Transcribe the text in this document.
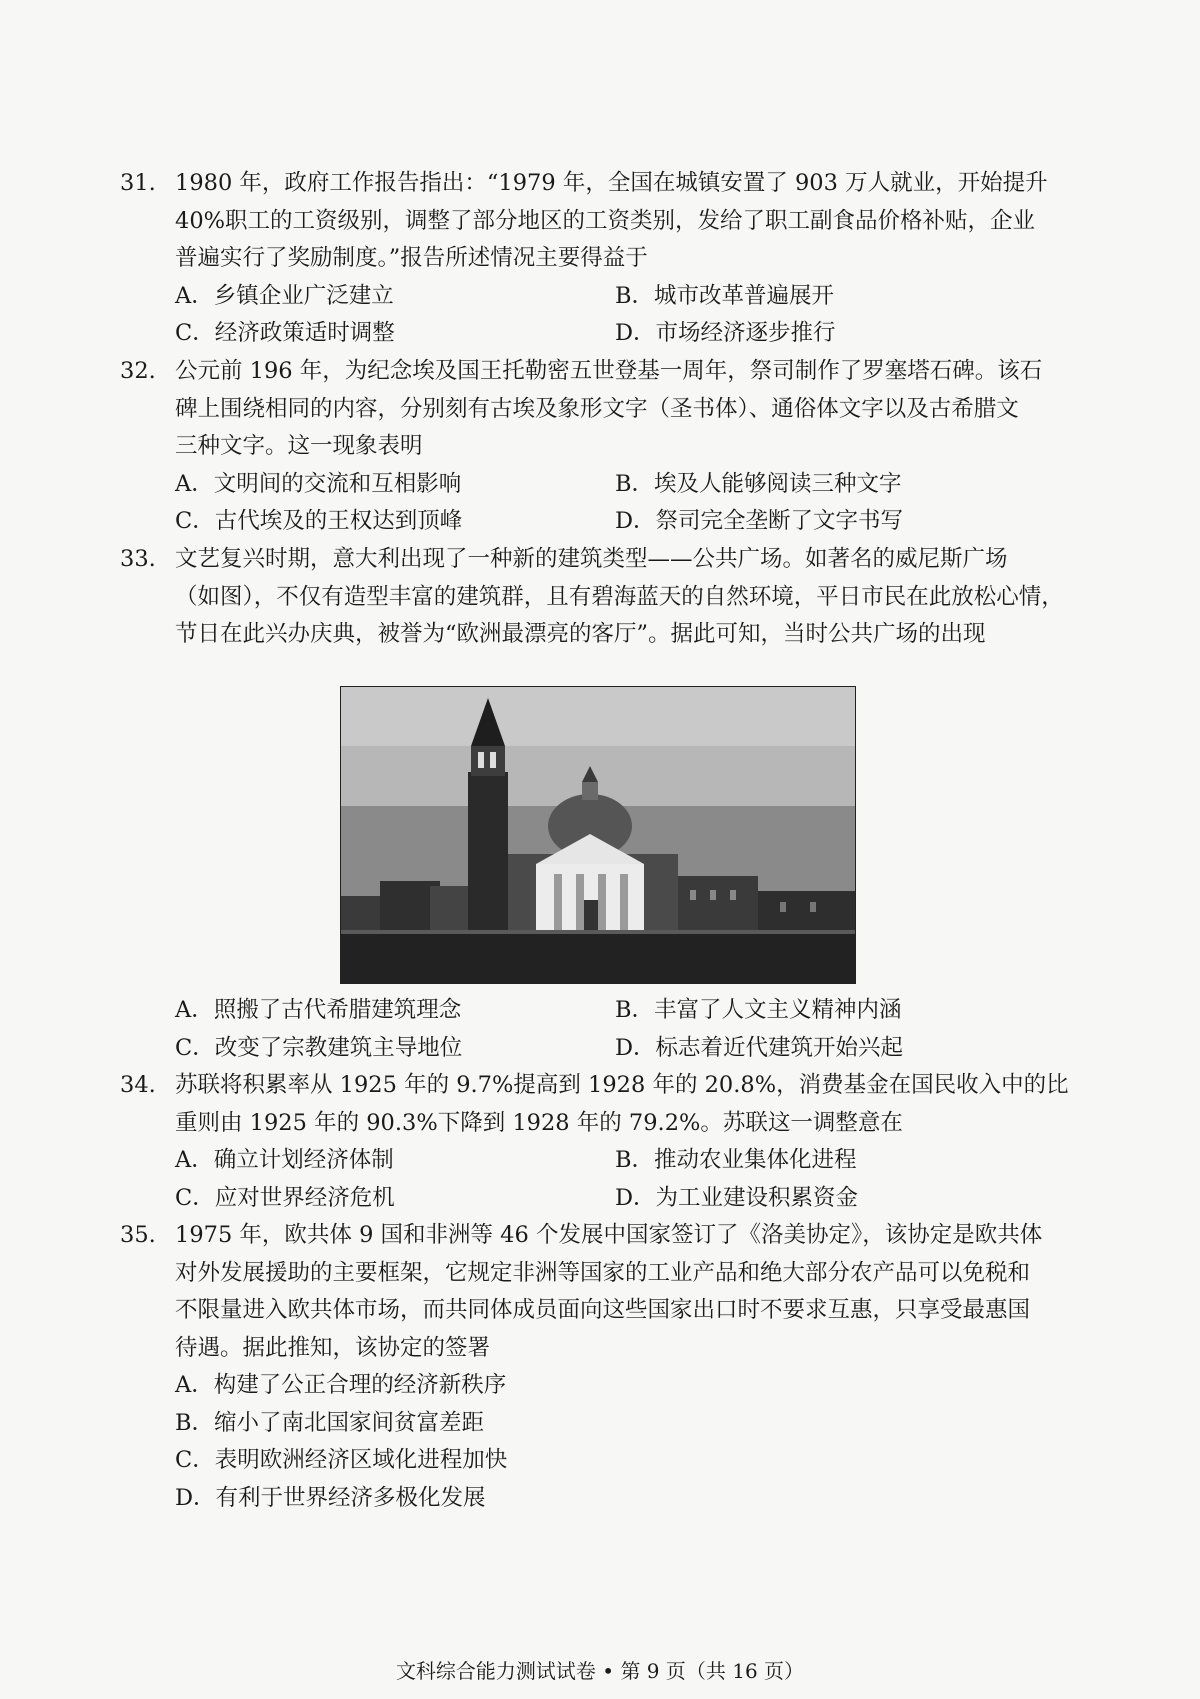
31. 1980 年，政府工作报告指出：“1979 年，全国在城镇安置了 903 万人就业，开始提升
40%职工的工资级别，调整了部分地区的工资类别，发给了职工副食品价格补贴，企业
普遍实行了奖励制度。”报告所述情况主要得益于
A．乡镇企业广泛建立	B．城市改革普遍展开
C．经济政策适时调整	D．市场经济逐步推行
32. 公元前 196 年，为纪念埃及国王托勒密五世登基一周年，祭司制作了罗塞塔石碑。该石
碑上围绕相同的内容，分别刻有古埃及象形文字（圣书体）、通俗体文字以及古希腊文
三种文字。这一现象表明
A．文明间的交流和互相影响	B．埃及人能够阅读三种文字
C．古代埃及的王权达到顶峰	D．祭司完全垄断了文字书写
33. 文艺复兴时期，意大利出现了一种新的建筑类型——公共广场。如著名的威尼斯广场
（如图），不仅有造型丰富的建筑群，且有碧海蓝天的自然环境，平日市民在此放松心情，
节日在此兴办庆典，被誉为“欧洲最漂亮的客厅”。据此可知，当时公共广场的出现
A．照搬了古代希腊建筑理念	B．丰富了人文主义精神内涵
C．改变了宗教建筑主导地位	D．标志着近代建筑开始兴起
34. 苏联将积累率从 1925 年的 9.7%提高到 1928 年的 20.8%，消费基金在国民收入中的比
重则由 1925 年的 90.3%下降到 1928 年的 79.2%。苏联这一调整意在
A．确立计划经济体制	B．推动农业集体化进程
C．应对世界经济危机	D．为工业建设积累资金
35. 1975 年，欧共体 9 国和非洲等 46 个发展中国家签订了《洛美协定》，该协定是欧共体
对外发展援助的主要框架，它规定非洲等国家的工业产品和绝大部分农产品可以免税和
不限量进入欧共体市场，而共同体成员面向这些国家出口时不要求互惠，只享受最惠国
待遇。据此推知，该协定的签署
A．构建了公正合理的经济新秩序
B．缩小了南北国家间贫富差距
C．表明欧洲经济区域化进程加快
D．有利于世界经济多极化发展
文科综合能力测试试卷 • 第 9 页（共 16 页）
